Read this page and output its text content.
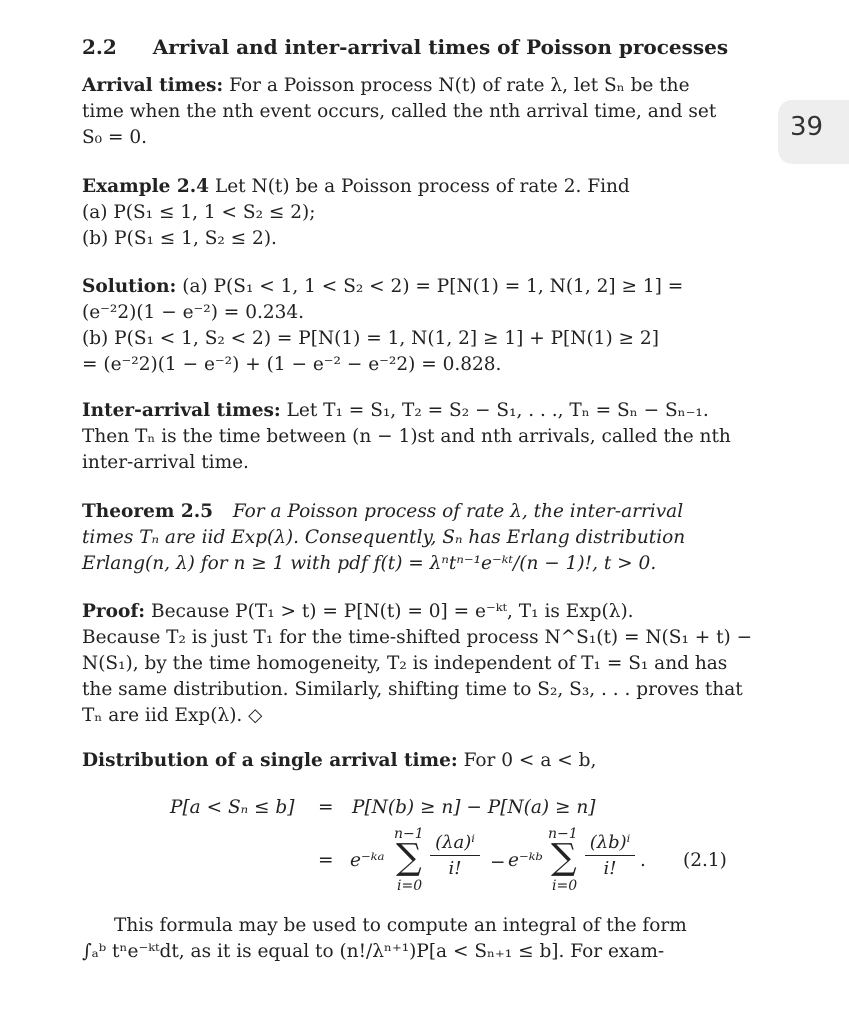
39
2.2 Arrival and inter-arrival times of Poisson processes
Arrival times: For a Poisson process N(t) of rate λ, let Sₙ be the
time when the nth event occurs, called the nth arrival time, and set
S₀ = 0.
Example 2.4 Let N(t) be a Poisson process of rate 2. Find
(a) P(S₁ ≤ 1, 1 < S₂ ≤ 2);
(b) P(S₁ ≤ 1, S₂ ≤ 2).
Solution: (a) P(S₁ < 1, 1 < S₂ < 2) = P[N(1) = 1, N(1, 2] ≥ 1] =
(e⁻²2)(1 − e⁻²) = 0.234.
(b) P(S₁ < 1, S₂ < 2) = P[N(1) = 1, N(1, 2] ≥ 1] + P[N(1) ≥ 2]
= (e⁻²2)(1 − e⁻²) + (1 − e⁻² − e⁻²2) = 0.828.
Inter-arrival times: Let T₁ = S₁, T₂ = S₂ − S₁, . . ., Tₙ = Sₙ − Sₙ₋₁.
Then Tₙ is the time between (n − 1)st and nth arrivals, called the nth
inter-arrival time.
Theorem 2.5 For a Poisson process of rate λ, the inter-arrival
times Tₙ are iid Exp(λ). Consequently, Sₙ has Erlang distribution
Erlang(n, λ) for n ≥ 1 with pdf f(t) = λⁿtⁿ⁻¹e⁻ᵏᵗ/(n − 1)!, t > 0.
Proof: Because P(T₁ > t) = P[N(t) = 0] = e⁻ᵏᵗ, T₁ is Exp(λ).
Because T₂ is just T₁ for the time-shifted process N^S₁(t) = N(S₁ + t) −
N(S₁), by the time homogeneity, T₂ is independent of T₁ = S₁ and has
the same distribution. Similarly, shifting time to S₂, S₃, . . . proves that
Tₙ are iid Exp(λ). ◇
Distribution of a single arrival time: For 0 < a < b,
P[a < Sₙ ≤ b] = P[N(b) ≥ n] − P[N(a) ≥ n]
= e⁻ᵏᵃ
n−1
∑
i=0
(λa)ⁱ
i!	− e⁻ᵏᵇ
n−1
∑
i=0
(λb)ⁱ
i!	. (2.1)
This formula may be used to compute an integral of the form
∫ₐᵇ tⁿe⁻ᵏᵗdt, as it is equal to (n!/λⁿ⁺¹)P[a < Sₙ₊₁ ≤ b]. For exam-
